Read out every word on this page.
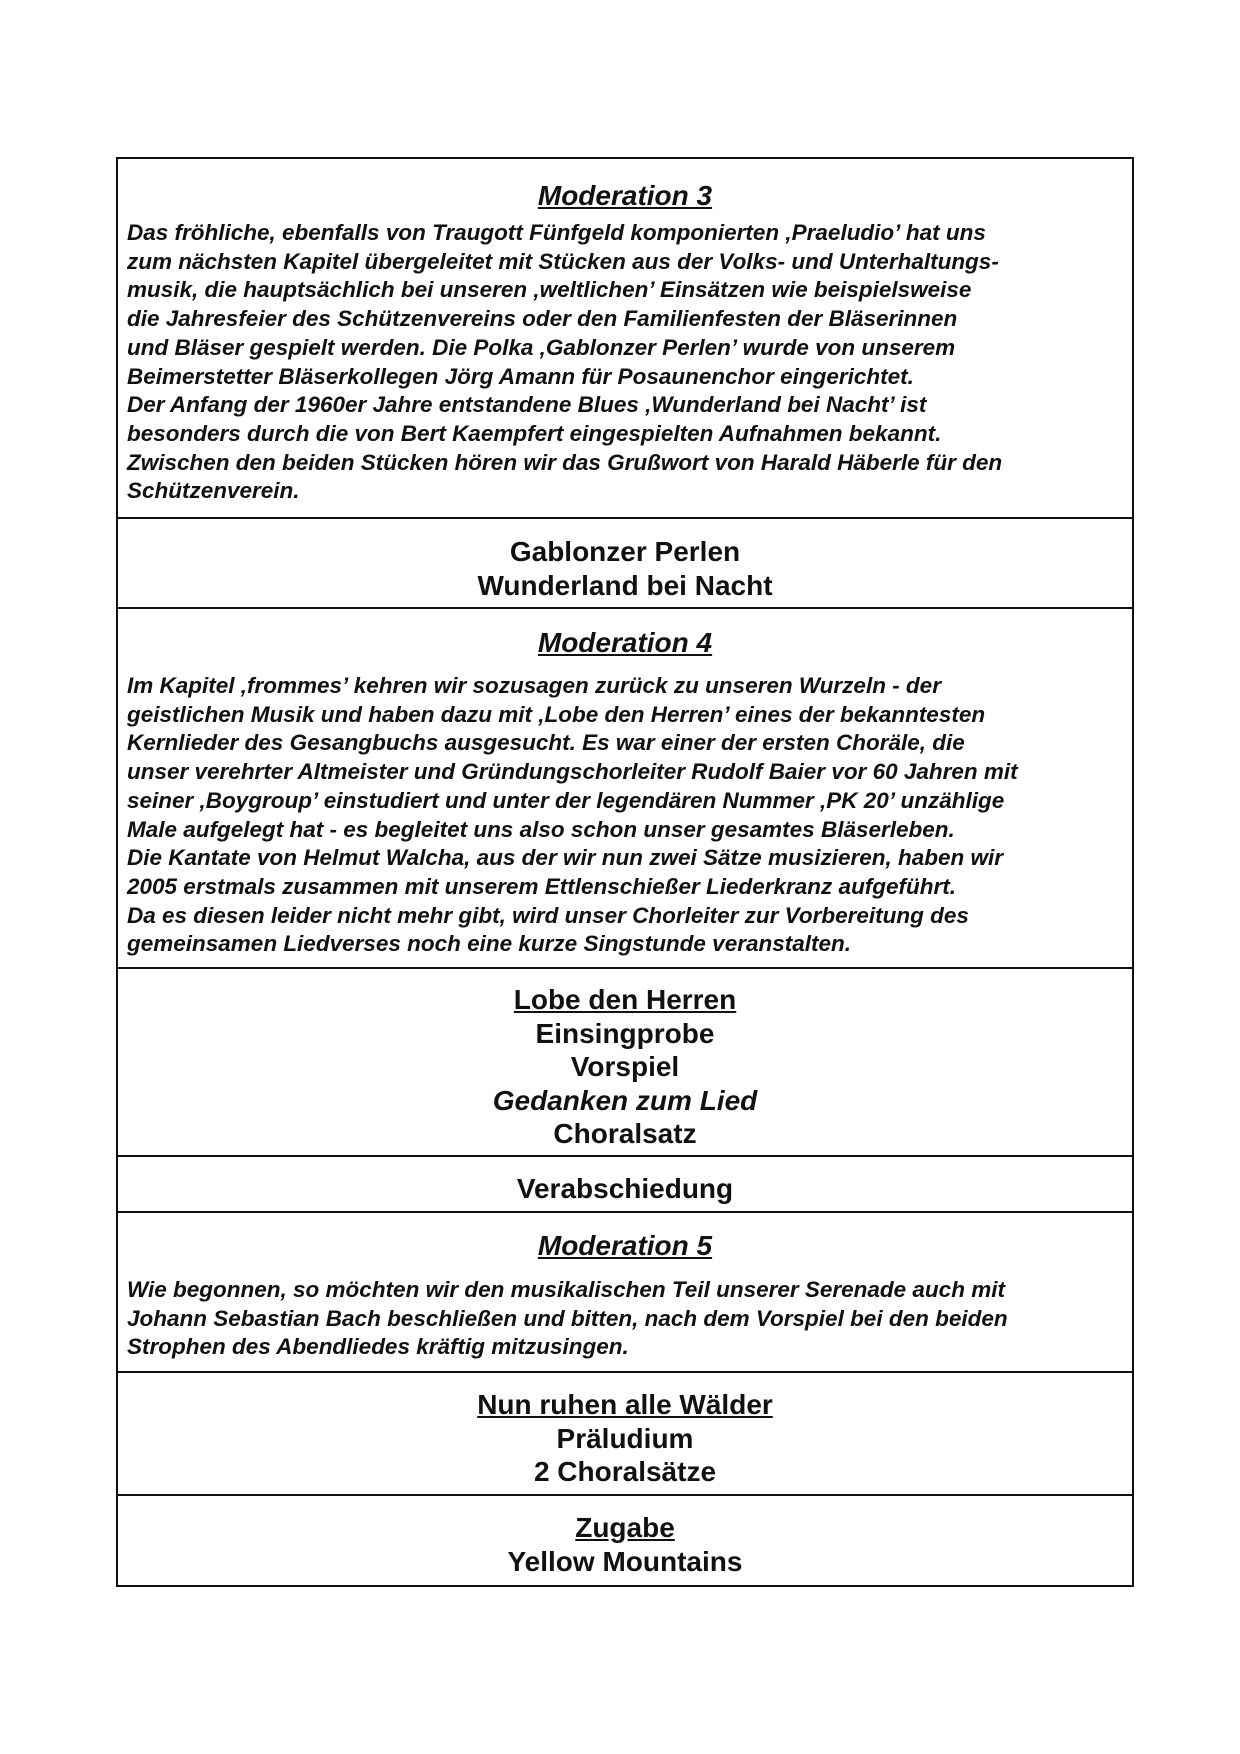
Moderation 3
Das fröhliche, ebenfalls von Traugott Fünfgeld komponierten ‚Praeludio’ hat uns
zum nächsten Kapitel übergeleitet mit Stücken aus der Volks- und Unterhaltungs-
musik, die hauptsächlich bei unseren ‚weltlichen’ Einsätzen wie beispielsweise
die Jahresfeier des Schützenvereins oder den Familienfesten der Bläserinnen
und Bläser gespielt werden. Die Polka ‚Gablonzer Perlen’ wurde von unserem
Beimerstetter Bläserkollegen Jörg Amann für Posaunenchor eingerichtet.
Der Anfang der 1960er Jahre entstandene Blues ‚Wunderland bei Nacht’ ist
besonders durch die von Bert Kaempfert eingespielten Aufnahmen bekannt.
Zwischen den beiden Stücken hören wir das Grußwort von Harald Häberle für den
Schützenverein.
Gablonzer Perlen
Wunderland bei Nacht
Moderation 4
Im Kapitel ‚frommes’ kehren wir sozusagen zurück zu unseren Wurzeln - der
geistlichen Musik und haben dazu mit ‚Lobe den Herren’ eines der bekanntesten
Kernlieder des Gesangbuchs ausgesucht. Es war einer der ersten Choräle, die
unser verehrter Altmeister und Gründungschorleiter Rudolf Baier vor 60 Jahren mit
seiner ‚Boygroup’ einstudiert und unter der legendären Nummer ‚PK 20’ unzählige
Male aufgelegt hat - es begleitet uns also schon unser gesamtes Bläserleben.
Die Kantate von Helmut Walcha, aus der wir nun zwei Sätze musizieren, haben wir
2005 erstmals zusammen mit unserem Ettlenschießer Liederkranz aufgeführt.
Da es diesen leider nicht mehr gibt, wird unser Chorleiter zur Vorbereitung des
gemeinsamen Liedverses noch eine kurze Singstunde veranstalten.
Lobe den Herren
Einsingprobe
Vorspiel
Gedanken zum Lied
Choralsatz
Verabschiedung
Moderation 5
Wie begonnen, so möchten wir den musikalischen Teil unserer Serenade auch mit
Johann Sebastian Bach beschließen und bitten, nach dem Vorspiel bei den beiden
Strophen des Abendliedes kräftig mitzusingen.
Nun ruhen alle Wälder
Präludium
2 Choralsätze
Zugabe
Yellow Mountains
